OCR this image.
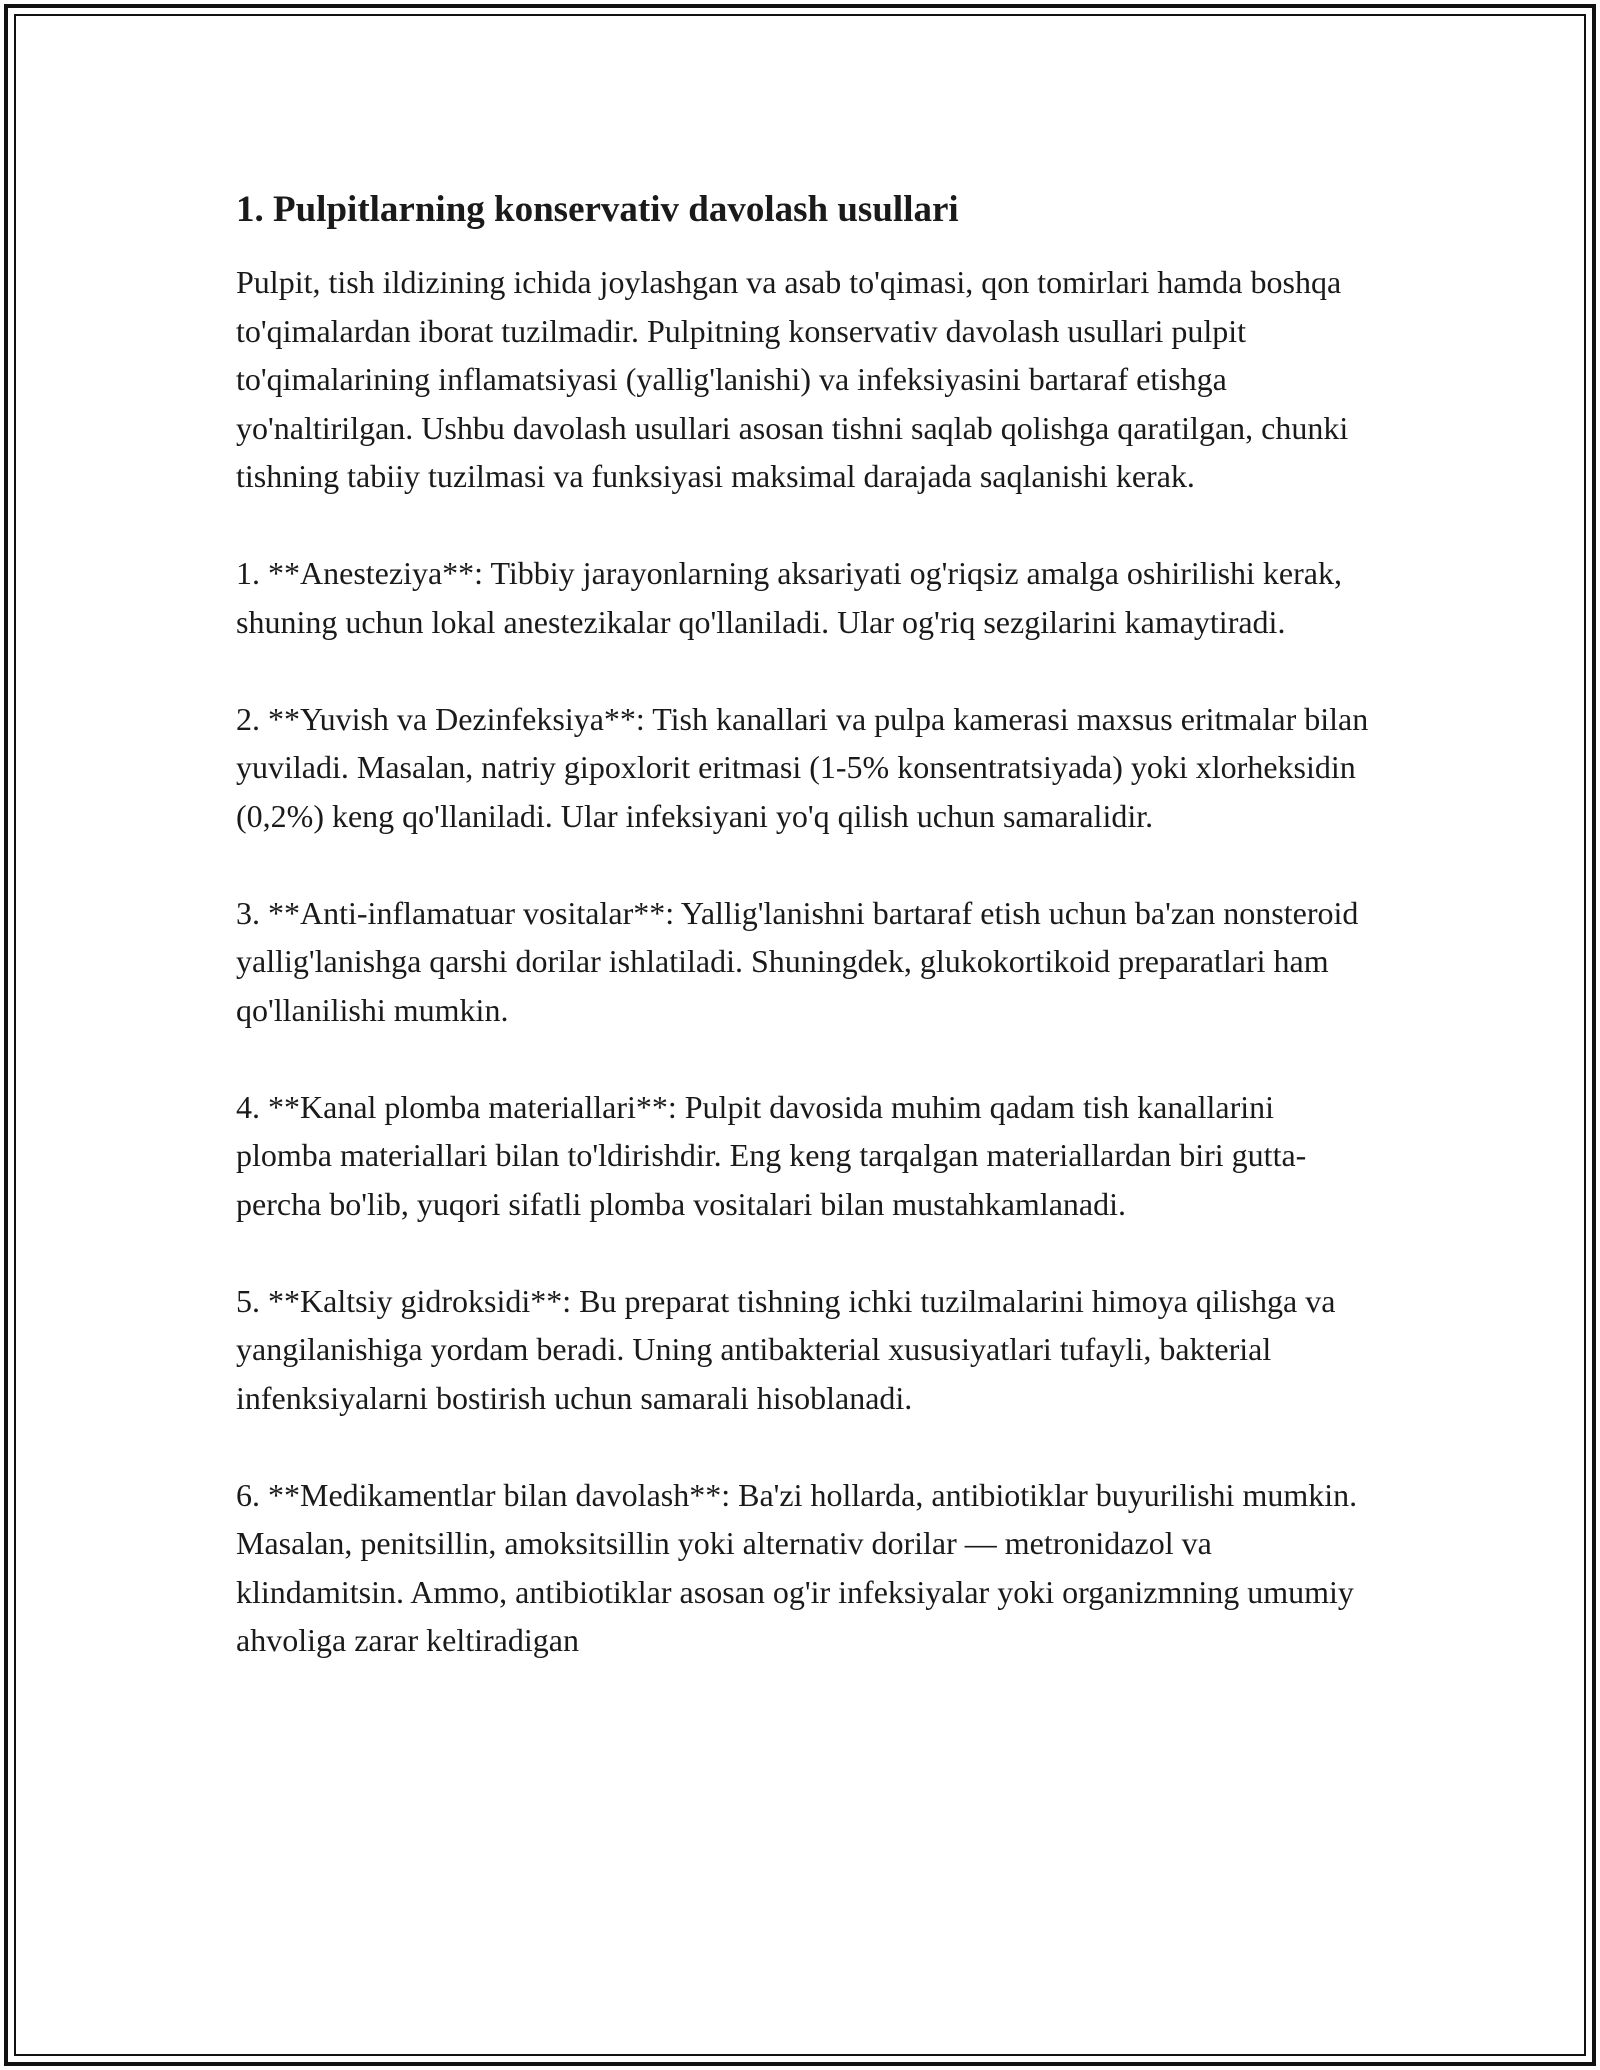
1. Pulpitlarning konservativ davolash usullari

Pulpit, tish ildizining ichida joylashgan va asab to'qimasi, qon tomirlari hamda boshqa to'qimalardan iborat tuzilmadir. Pulpitning konservativ davolash usullari pulpit to'qimalarining inflamatsiyasi (yallig'lanishi) va infeksiyasini bartaraf etishga yo'naltirilgan. Ushbu davolash usullari asosan tishni saqlab qolishga qaratilgan, chunki tishning tabiiy tuzilmasi va funksiyasi maksimal darajada saqlanishi kerak.

1. **Anesteziya**: Tibbiy jarayonlarning aksariyati og'riqsiz amalga oshirilishi kerak, shuning uchun lokal anestezikalar qo'llaniladi. Ular og'riq sezgilarini kamaytiradi.

2. **Yuvish va Dezinfeksiya**: Tish kanallari va pulpa kamerasi maxsus eritmalar bilan yuviladi. Masalan, natriy gipoxlorit eritmasi (1-5% konsentratsiyada) yoki xlorheksidin (0,2%) keng qo'llaniladi. Ular infeksiyani yo'q qilish uchun samaralidir.

3. **Anti-inflamatuar vositalar**: Yallig'lanishni bartaraf etish uchun ba'zan nonsteroid yallig'lanishga qarshi dorilar ishlatiladi. Shuningdek, glukokortikoid preparatlari ham qo'llanilishi mumkin.

4. **Kanal plomba materiallari**: Pulpit davosida muhim qadam tish kanallarini plomba materiallari bilan to'ldirishdir. Eng keng tarqalgan materiallardan biri gutta-percha bo'lib, yuqori sifatli plomba vositalari bilan mustahkamlanadi.

5. **Kaltsiy gidroksidi**: Bu preparat tishning ichki tuzilmalarini himoya qilishga va yangilanishiga yordam beradi. Uning antibakterial xususiyatlari tufayli, bakterial infenksiyalarni bostirish uchun samarali hisoblanadi.

6. **Medikamentlar bilan davolash**: Ba'zi hollarda, antibiotiklar buyurilishi mumkin. Masalan, penitsillin, amoksitsillin yoki alternativ dorilar — metronidazol va klindamitsin. Ammo, antibiotiklar asosan og'ir infeksiyalar yoki organizmning umumiy ahvoliga zarar keltiradigan
